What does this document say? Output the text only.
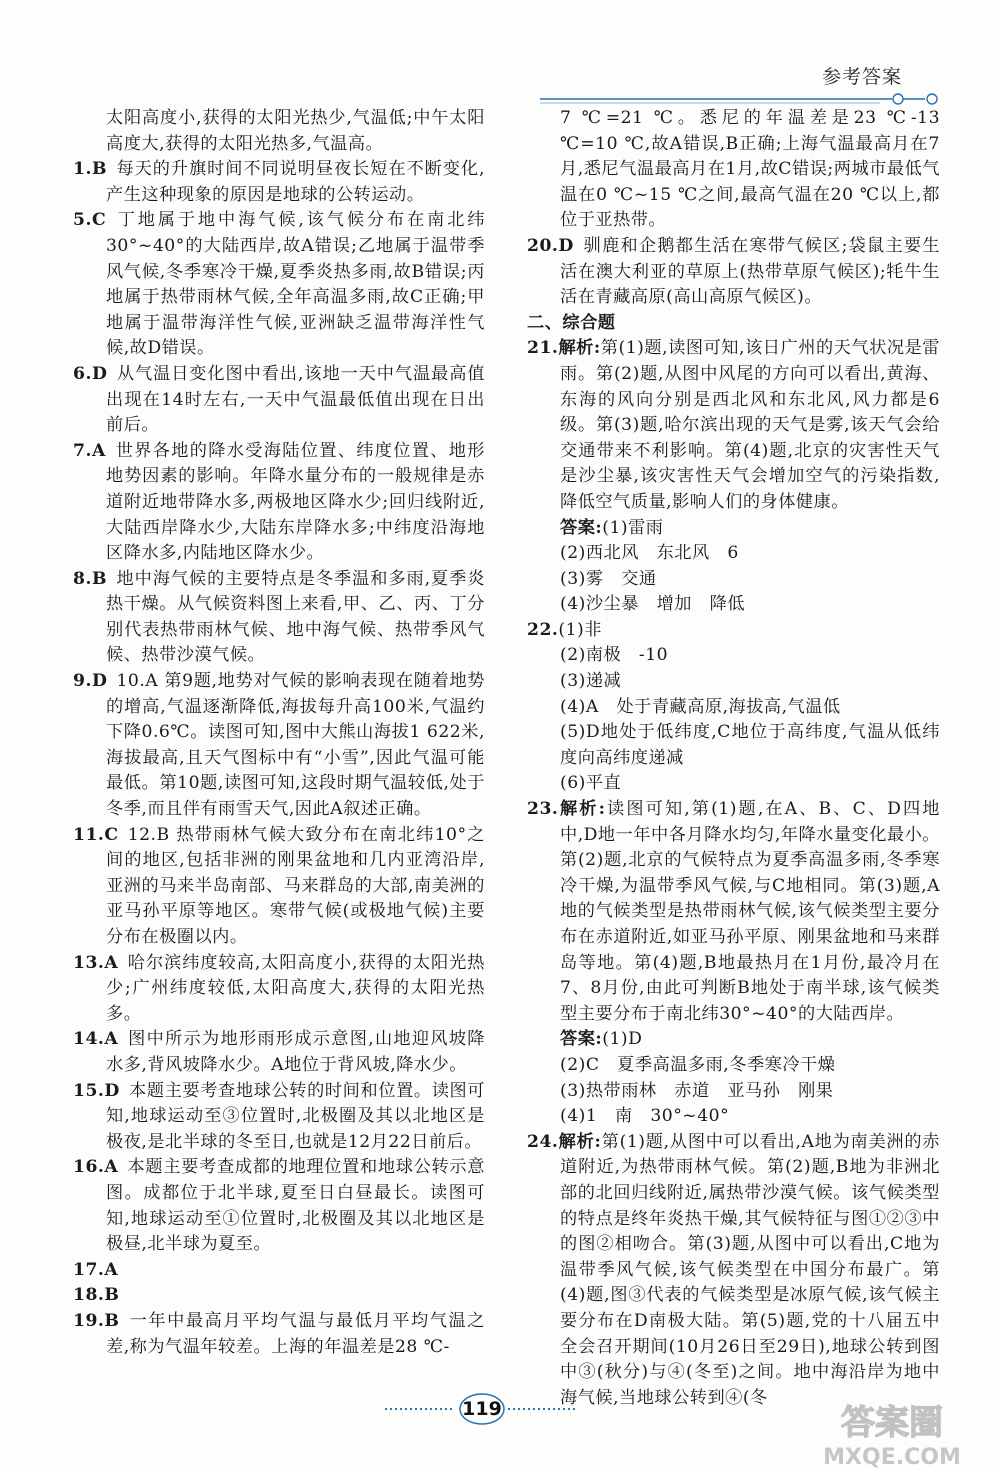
参考答案

太阳高度小,获得的太阳光热少,气温低;中午太阳高度大,获得的太阳光热多,气温高。

1.B  每天的升旗时间不同说明昼夜长短在不断变化,产生这种现象的原因是地球的公转运动。

5.C  丁地属于地中海气候,该气候分布在南北纬30°~40°的大陆西岸,故A错误;乙地属于温带季风气候,冬季寒冷干燥,夏季炎热多雨,故B错误;丙地属于热带雨林气候,全年高温多雨,故C正确;甲地属于温带海洋性气候,亚洲缺乏温带海洋性气候,故D错误。

6.D  从气温日变化图中看出,该地一天中气温最高值出现在14时左右,一天中气温最低值出现在日出前后。

7.A  世界各地的降水受海陆位置、纬度位置、地形地势因素的影响。年降水量分布的一般规律是赤道附近地带降水多,两极地区降水少;回归线附近,大陆西岸降水少,大陆东岸降水多;中纬度沿海地区降水多,内陆地区降水少。

8.B  地中海气候的主要特点是冬季温和多雨,夏季炎热干燥。从气候资料图上来看,甲、乙、丙、丁分别代表热带雨林气候、地中海气候、热带季风气候、热带沙漠气候。

9.D  10.A 第9题,地势对气候的影响表现在随着地势的增高,气温逐渐降低,海拔每升高100米,气温约下降0.6℃。读图可知,图中大熊山海拔1 622米,海拔最高,且天气图标中有“小雪”,因此气温可能最低。第10题,读图可知,这段时期气温较低,处于冬季,而且伴有雨雪天气,因此A叙述正确。

11.C  12.B 热带雨林气候大致分布在南北纬10°之间的地区,包括非洲的刚果盆地和几内亚湾沿岸,亚洲的马来半岛南部、马来群岛的大部,南美洲的亚马孙平原等地区。寒带气候(或极地气候)主要分布在极圈以内。

13.A  哈尔滨纬度较高,太阳高度小,获得的太阳光热少;广州纬度较低,太阳高度大,获得的太阳光热多。

14.A  图中所示为地形雨形成示意图,山地迎风坡降水多,背风坡降水少。A地位于背风坡,降水少。

15.D  本题主要考查地球公转的时间和位置。读图可知,地球运动至③位置时,北极圈及其以北地区是极夜,是北半球的冬至日,也就是12月22日前后。

16.A  本题主要考查成都的地理位置和地球公转示意图。成都位于北半球,夏至日白昼最长。读图可知,地球运动至①位置时,北极圈及其以北地区是极昼,北半球为夏至。

17.A 

18.B 

19.B  一年中最高月平均气温与最低月平均气温之差,称为气温年较差。上海的年温差是28 ℃-

7 ℃=21 ℃。悉尼的年温差是23 ℃-13 ℃=10 ℃,故A错误,B正确;上海气温最高月在7月,悉尼气温最高月在1月,故C错误;两城市最低气温在0 ℃~15 ℃之间,最高气温在20 ℃以上,都位于亚热带。

20.D  驯鹿和企鹅都生活在寒带气候区;袋鼠主要生活在澳大利亚的草原上(热带草原气候区);牦牛生活在青藏高原(高山高原气候区)。

二、综合题

21.解析:第(1)题,读图可知,该日广州的天气状况是雷雨。第(2)题,从图中风尾的方向可以看出,黄海、东海的风向分别是西北风和东北风,风力都是6级。第(3)题,哈尔滨出现的天气是雾,该天气会给交通带来不利影响。第(4)题,北京的灾害性天气是沙尘暴,该灾害性天气会增加空气的污染指数,降低空气质量,影响人们的身体健康。

答案:(1)雷雨

(2)西北风　东北风　6

(3)雾　交通

(4)沙尘暴　增加　降低

22.(1)非

(2)南极　-10

(3)递减

(4)A　处于青藏高原,海拔高,气温低

(5)D地处于低纬度,C地位于高纬度,气温从低纬度向高纬度递减

(6)平直

23.解析:读图可知,第(1)题,在A、B、C、D四地中,D地一年中各月降水均匀,年降水量变化最小。第(2)题,北京的气候特点为夏季高温多雨,冬季寒冷干燥,为温带季风气候,与C地相同。第(3)题,A地的气候类型是热带雨林气候,该气候类型主要分布在赤道附近,如亚马孙平原、刚果盆地和马来群岛等地。第(4)题,B地最热月在1月份,最冷月在7、8月份,由此可判断B地处于南半球,该气候类型主要分布于南北纬30°~40°的大陆西岸。

答案:(1)D

(2)C　夏季高温多雨,冬季寒冷干燥

(3)热带雨林　赤道　亚马孙　刚果

(4)1　南　30°~40°

24.解析:第(1)题,从图中可以看出,A地为南美洲的赤道附近,为热带雨林气候。第(2)题,B地为非洲北部的北回归线附近,属热带沙漠气候。该气候类型的特点是终年炎热干燥,其气候特征与图①②③中的图②相吻合。第(3)题,从图中可以看出,C地为温带季风气候,该气候类型在中国分布最广。第(4)题,图③代表的气候类型是冰原气候,该气候主要分布在D南极大陆。第(5)题,党的十八届五中全会召开期间(10月26日至29日),地球公转到图中③(秋分)与④(冬至)之间。地中海沿岸为地中海气候,当地球公转到④(冬

119	答案圈
MXQE.COM
